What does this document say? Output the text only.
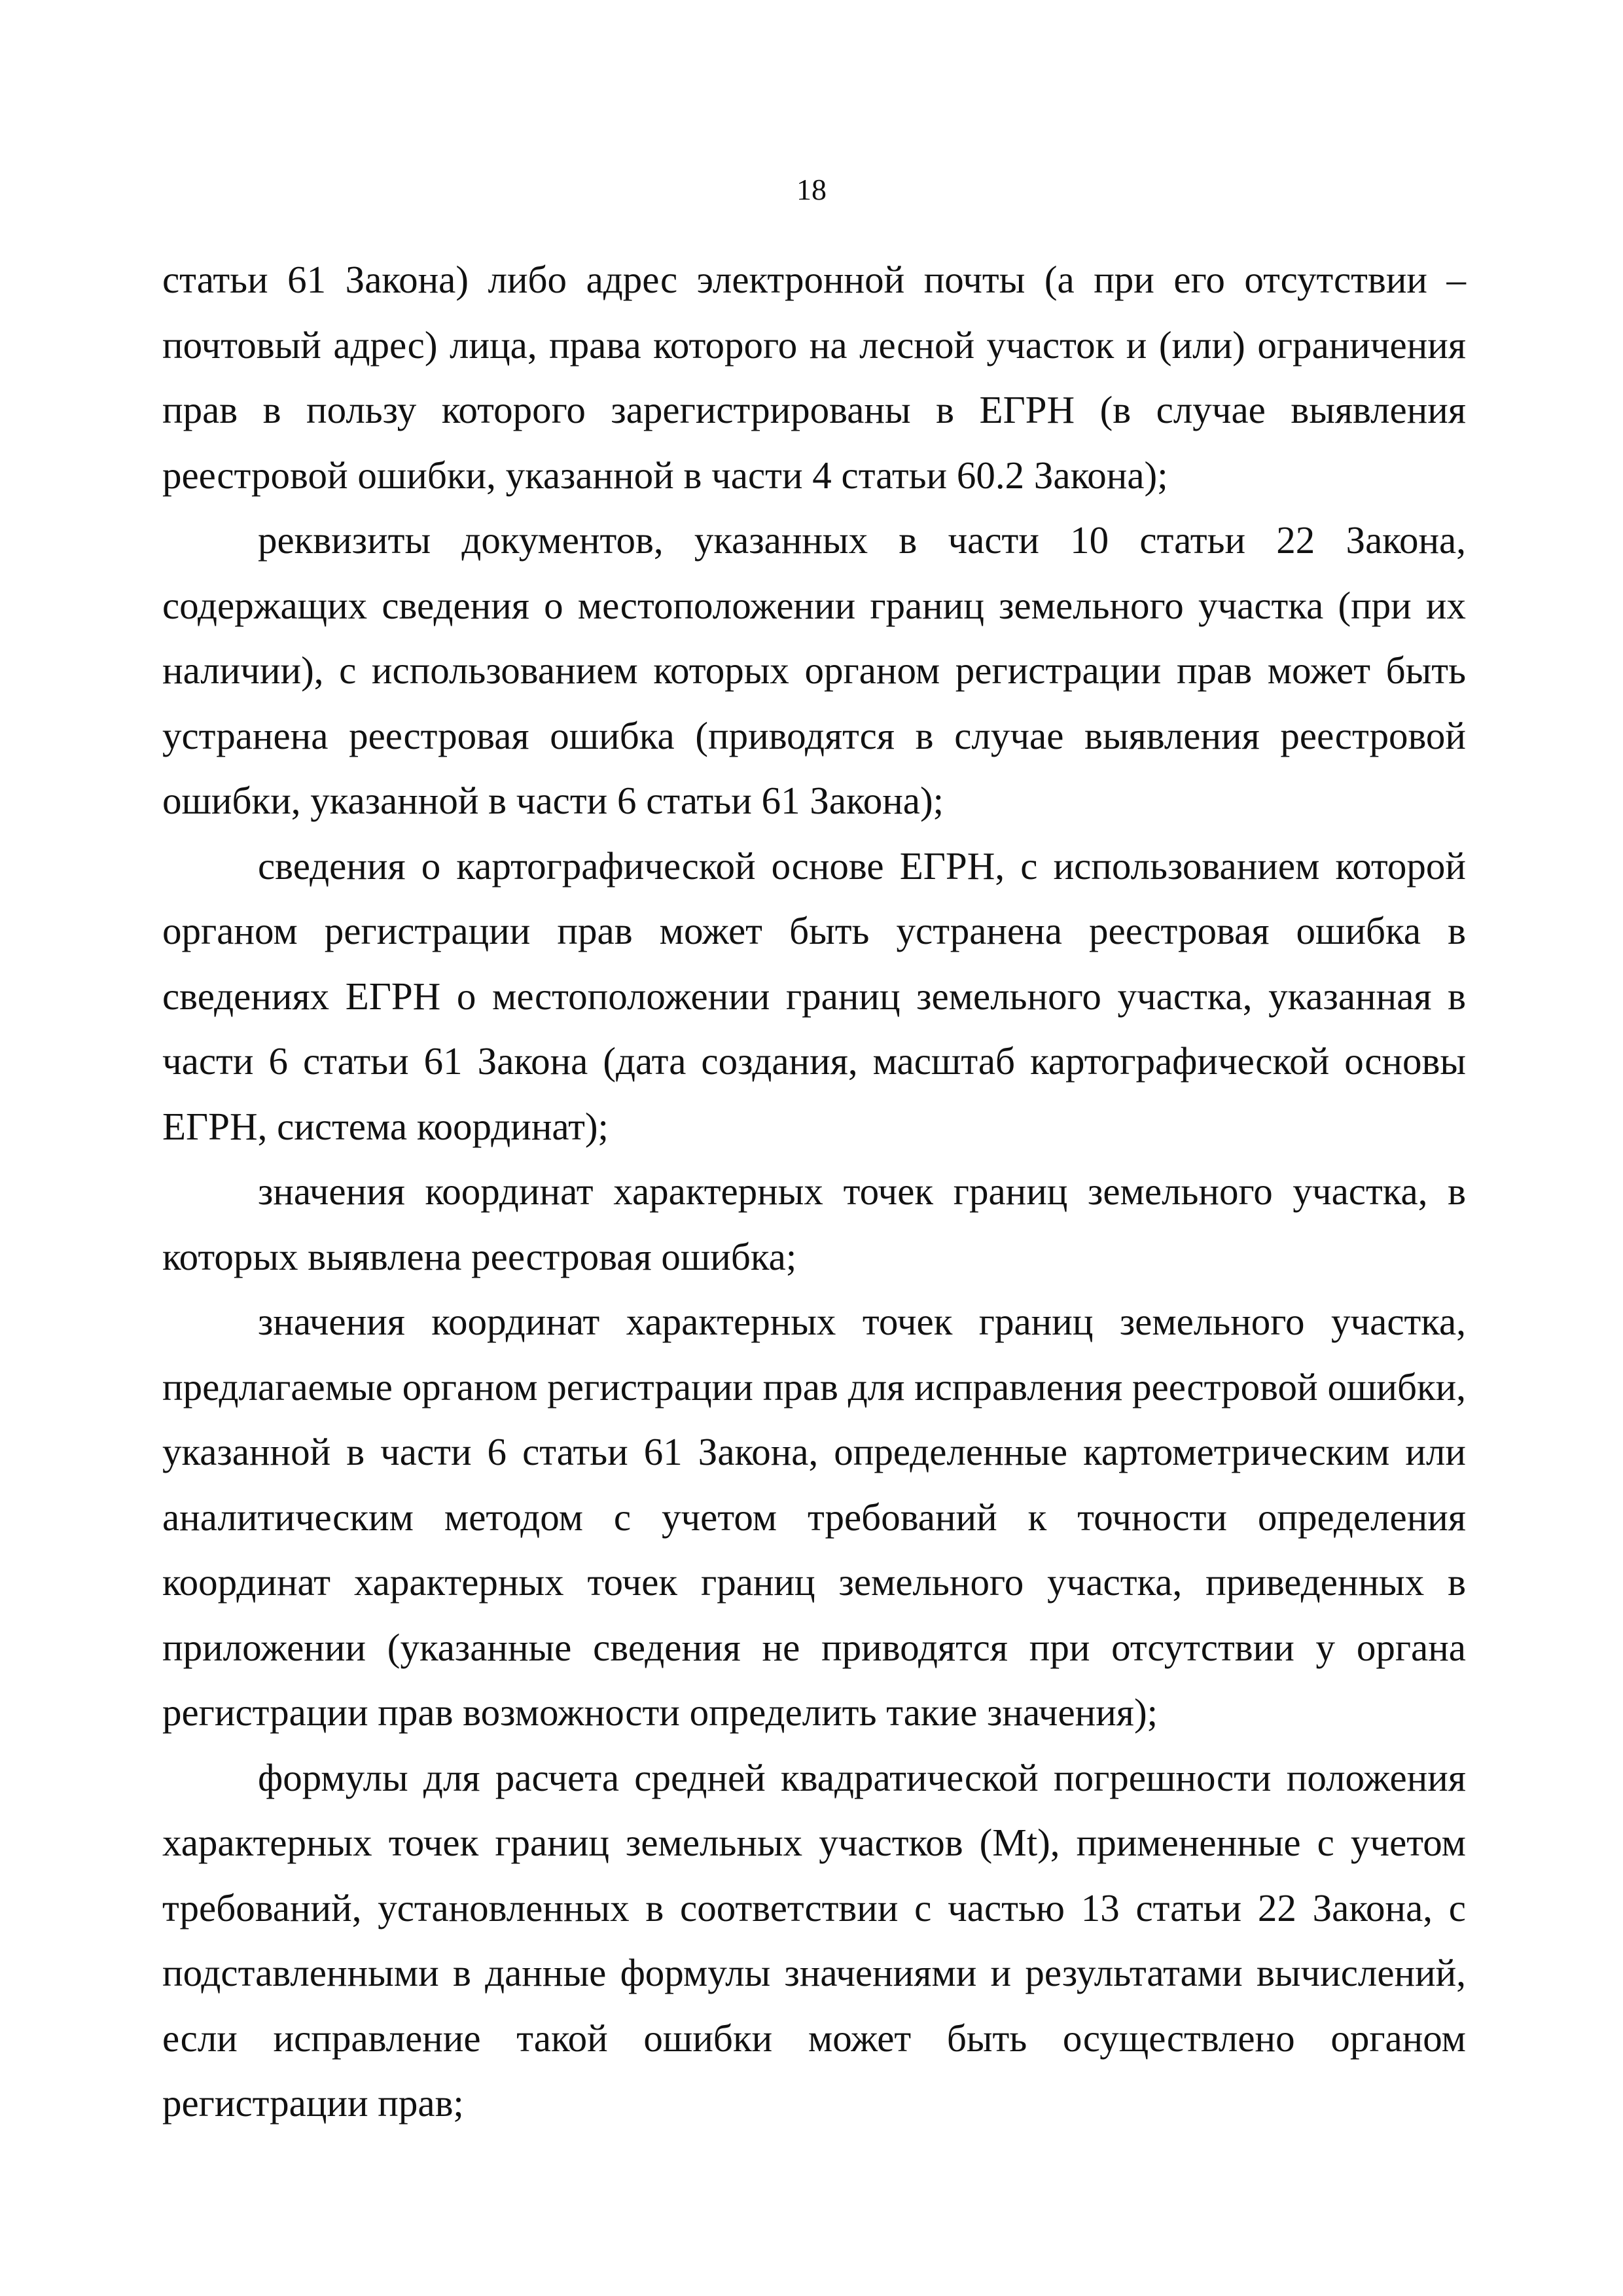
18

статьи 61 Закона) либо адрес электронной почты (а при его отсутствии – почтовый адрес) лица, права которого на лесной участок и (или) ограничения прав в пользу которого зарегистрированы в ЕГРН (в случае выявления реестровой ошибки, указанной в части 4 статьи 60.2 Закона);

реквизиты документов, указанных в части 10 статьи 22 Закона, содержащих сведения о местоположении границ земельного участка (при их наличии), с использованием которых органом регистрации прав может быть устранена реестровая ошибка (приводятся в случае выявления реестровой ошибки, указанной в части 6 статьи 61 Закона);

сведения о картографической основе ЕГРН, с использованием которой органом регистрации прав может быть устранена реестровая ошибка в сведениях ЕГРН о местоположении границ земельного участка, указанная в части 6 статьи 61 Закона (дата создания, масштаб картографической основы ЕГРН, система координат);

значения координат характерных точек границ земельного участка, в которых выявлена реестровая ошибка;

значения координат характерных точек границ земельного участка, предлагаемые органом регистрации прав для исправления реестровой ошибки, указанной в части 6 статьи 61 Закона, определенные картометрическим или аналитическим методом с учетом требований к точности определения координат характерных точек границ земельного участка, приведенных в приложении (указанные сведения не приводятся при отсутствии у органа регистрации прав возможности определить такие значения);

формулы для расчета средней квадратической погрешности положения характерных точек границ земельных участков (Mt), примененные с учетом требований, установленных в соответствии с частью 13 статьи 22 Закона, с подставленными в данные формулы значениями и результатами вычислений, если исправление такой ошибки может быть осуществлено органом регистрации прав;
